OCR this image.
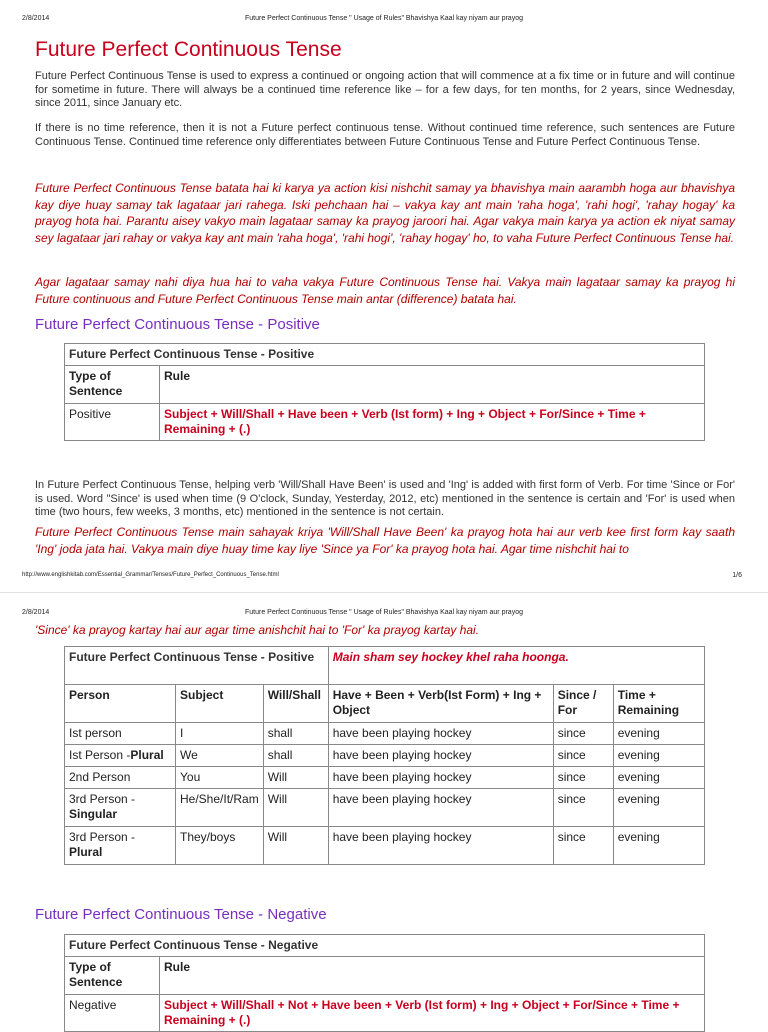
2/8/2014	Future Perfect Continuous Tense " Usage of Rules" Bhavishya Kaal kay niyam aur prayog
Future Perfect Continuous Tense
Future Perfect Continuous Tense is used to express a continued or ongoing action that will commence at a fix time or in future and will continue for sometime in future. There will always be a continued time reference like – for a few days, for ten months, for 2 years, since Wednesday, since 2011, since January etc.
If there is no time reference, then it is not a Future perfect continuous tense. Without continued time reference, such sentences are Future Continuous Tense. Continued time reference only differentiates between Future Continuous Tense and Future Perfect Continuous Tense.
Future Perfect Continuous Tense batata hai ki karya ya action kisi nishchit samay ya bhavishya main aarambh hoga aur bhavishya kay diye huay samay tak lagataar jari rahega. Iski pehchaan hai – vakya kay ant main 'raha hoga', 'rahi hogi', 'rahay hogay' ka prayog hota hai. Parantu aisey vakyo main lagataar samay ka prayog jaroori hai. Agar vakya main karya ya action ek niyat samay sey lagataar jari rahay or vakya kay ant main 'raha hoga', 'rahi hogi', 'rahay hogay' ho, to vaha Future Perfect Continuous Tense hai.
Agar lagataar samay nahi diya hua hai to vaha vakya Future Continuous Tense hai. Vakya main lagataar samay ka prayog hi Future continuous and Future Perfect Continuous Tense main antar (difference) batata hai.
Future Perfect Continuous Tense - Positive
Future Perfect Continuous Tense - Positive	
Type of Sentence	Rule
Positive	Subject + Will/Shall + Have been + Verb (Ist form) + Ing + Object + For/Since + Time + Remaining + (.)
In Future Perfect Continuous Tense, helping verb 'Will/Shall Have Been' is used and 'Ing' is added with first form of Verb. For time 'Since or For' is used. Word "Since' is used when time (9 O'clock, Sunday, Yesterday, 2012, etc) mentioned in the sentence is certain and 'For' is used when time (two hours, few weeks, 3 months, etc) mentioned in the sentence is not certain.
Future Perfect Continuous Tense main sahayak kriya 'Will/Shall Have Been' ka prayog hota hai aur verb kee first form kay saath 'Ing' joda jata hai. Vakya main diye huay time kay liye 'Since ya For' ka prayog hota hai. Agar time nishchit hai to
http://www.englishkitab.com/Essential_Grammar/Tenses/Future_Perfect_Continuous_Tense.html	1/6
2/8/2014	Future Perfect Continuous Tense " Usage of Rules" Bhavishya Kaal kay niyam aur prayog
'Since' ka prayog kartay hai aur agar time anishchit hai to 'For' ka prayog kartay hai.
Future Perfect Continuous Tense - Positive			Main sham sey hockey khel raha hoonga.		
Person	Subject	Will/Shall	Have + Been + Verb(Ist Form) + Ing + Object	Since / For	Time + Remaining
Ist person	I	shall	have been playing hockey	since	evening
Ist Person -Plural	We	shall	have been playing hockey	since	evening
2nd Person	You	Will	have been playing hockey	since	evening
3rd Person -
Singular	He/She/It/Ram	Will	have been playing hockey	since	evening
3rd Person -
Plural	They/boys	Will	have been playing hockey	since	evening
Future Perfect Continuous Tense - Negative
Future Perfect Continuous Tense - Negative	
Type of Sentence	Rule
Negative	Subject + Will/Shall + Not + Have been + Verb (Ist form) + Ing + Object + For/Since + Time + Remaining + (.)
